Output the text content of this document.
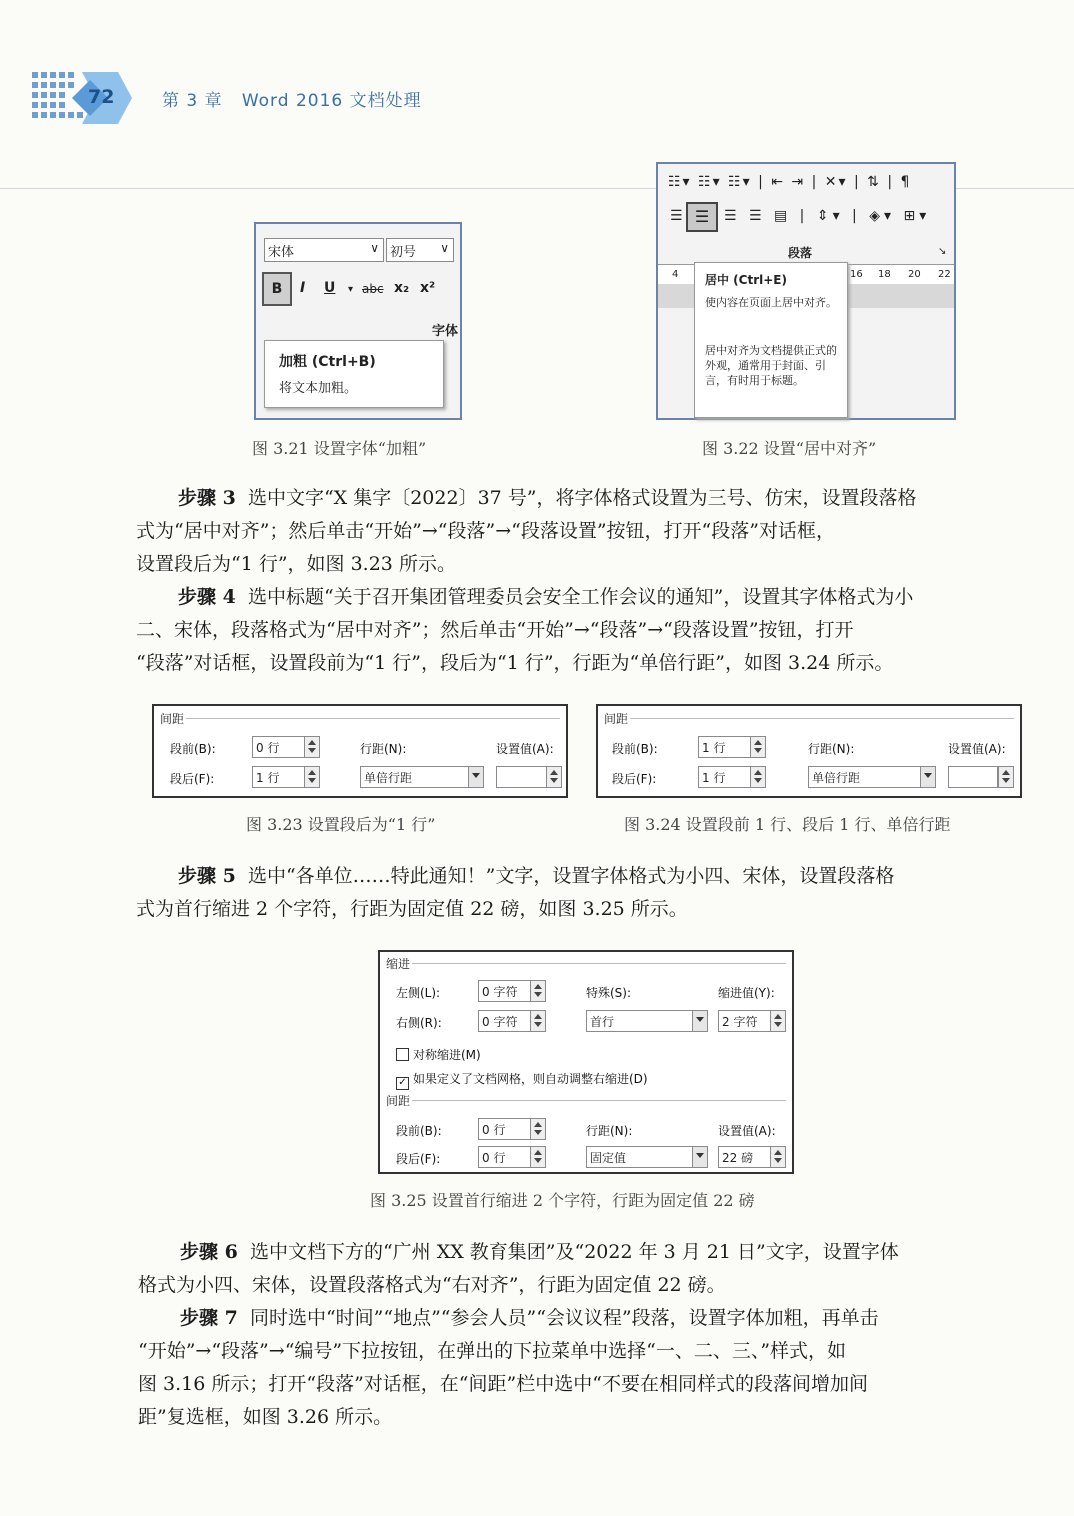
72	第 3 章 Word 2016 文档处理
宋体	∨ 初号 ∨
B	I U ▾ abc x₂ x²
字体
加粗 (Ctrl+B)
将文本加粗。
图 3.21 设置字体“加粗”
☷▾ ☷▾ ☷▾ | ⇤ ⇥ | ✕▾ | ⇅ | ¶
☰
☰	☰ ☰ ▤ | ⇕▾ | ◈▾ ⊞▾
段落	↘
4	16 18 20 22
居中 (Ctrl+E)
使内容在页面上居中对齐。
居中对齐为文档提供正式的外观，通常用于封面、引言，有时用于标题。
图 3.22 设置“居中对齐”
步骤 3 选中文字“X 集字〔2022〕37 号”，将字体格式设置为三号、仿宋，设置段落格
式为“居中对齐”；然后单击“开始”→“段落”→“段落设置”按钮，打开“段落”对话框，
设置段后为“1 行”，如图 3.23 所示。
步骤 4 选中标题“关于召开集团管理委员会安全工作会议的通知”，设置其字体格式为小
二、宋体，段落格式为“居中对齐”；然后单击“开始”→“段落”→“段落设置”按钮，打开
“段落”对话框，设置段前为“1 行”，段后为“1 行”，行距为“单倍行距”，如图 3.24 所示。
间距
段前(B):	0 行
段后(F):	1 行
行距(N):
单倍行距
设置值(A):
图 3.23 设置段后为“1 行”
间距
段前(B):	1 行
段后(F):	1 行
行距(N):
单倍行距
设置值(A):
图 3.24 设置段前 1 行、段后 1 行、单倍行距
步骤 5 选中“各单位……特此通知！”文字，设置字体格式为小四、宋体，设置段落格
式为首行缩进 2 个字符，行距为固定值 22 磅，如图 3.25 所示。
缩进
左侧(L):	0 字符
右侧(R):	0 字符
特殊(S):
首行
缩进值(Y):
2 字符
对称缩进(M)
✓ 如果定义了文档网格，则自动调整右缩进(D)
间距
段前(B):	0 行
段后(F):	0 行
行距(N):
固定值
设置值(A):
22 磅
图 3.25 设置首行缩进 2 个字符，行距为固定值 22 磅
步骤 6 选中文档下方的“广州 XX 教育集团”及“2022 年 3 月 21 日”文字，设置字体
格式为小四、宋体，设置段落格式为“右对齐”，行距为固定值 22 磅。
步骤 7 同时选中“时间”“地点”“参会人员”“会议议程”段落，设置字体加粗，再单击
“开始”→“段落”→“编号”下拉按钮，在弹出的下拉菜单中选择“一、二、三、”样式，如
图 3.16 所示；打开“段落”对话框，在“间距”栏中选中“不要在相同样式的段落间增加间
距”复选框，如图 3.26 所示。
